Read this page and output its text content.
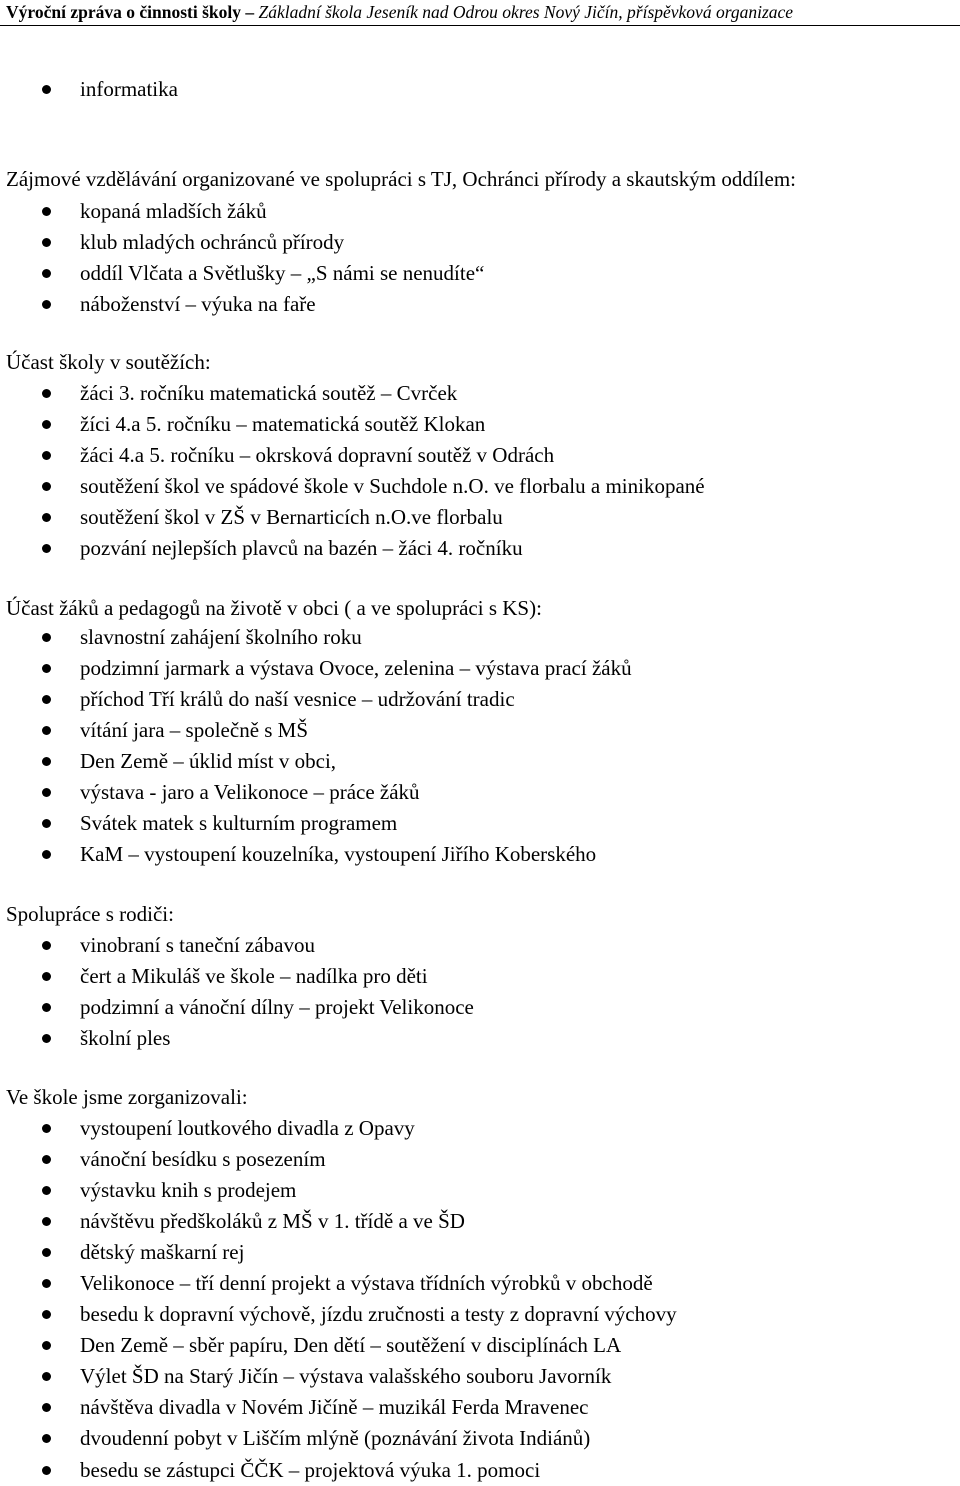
Výroční zpráva o činnosti školy – Základní škola Jeseník nad Odrou okres Nový Jičín, příspěvková organizace
informatika
Zájmové vzdělávání organizované ve spolupráci s TJ, Ochránci přírody a skautským oddílem:
kopaná mladších žáků
klub mladých ochránců přírody
oddíl Vlčata a Světlušky – „S námi se nenudíte“
náboženství – výuka na faře
Účast školy v soutěžích:
žáci 3. ročníku matematická soutěž – Cvrček
žíci 4.a 5. ročníku – matematická soutěž Klokan
žáci 4.a 5. ročníku – okrsková dopravní soutěž v Odrách
soutěžení škol ve spádové škole v Suchdole n.O. ve florbalu a minikopané
soutěžení škol v ZŠ v Bernarticích n.O.ve florbalu
pozvání nejlepších plavců na bazén – žáci 4. ročníku
Účast žáků a pedagogů na životě v obci ( a ve spolupráci s KS):
slavnostní zahájení školního roku
podzimní jarmark a výstava Ovoce, zelenina – výstava prací žáků
příchod Tří králů do naší vesnice – udržování tradic
vítání jara – společně s MŠ
Den Země – úklid míst v obci,
výstava - jaro a Velikonoce – práce žáků
Svátek matek s kulturním programem
KaM – vystoupení kouzelníka, vystoupení Jiřího Koberského
Spolupráce s rodiči:
vinobraní s taneční zábavou
čert a Mikuláš ve škole – nadílka pro děti
podzimní a vánoční dílny – projekt Velikonoce
školní ples
Ve škole jsme zorganizovali:
vystoupení loutkového divadla z Opavy
vánoční besídku s posezením
výstavku knih s prodejem
návštěvu předškoláků z MŠ v 1. třídě a ve ŠD
dětský maškarní rej
Velikonoce – tří denní projekt a výstava třídních výrobků v obchodě
besedu k dopravní výchově, jízdu zručnosti a testy z dopravní výchovy
Den Země – sběr papíru, Den dětí – soutěžení v disciplínách LA
Výlet ŠD na Starý Jičín – výstava valašského souboru Javorník
návštěva divadla v Novém Jičíně – muzikál Ferda Mravenec
dvoudenní pobyt v Liščím mlýně (poznávání života Indiánů)
besedu se zástupci ČČK – projektová výuka 1. pomoci
